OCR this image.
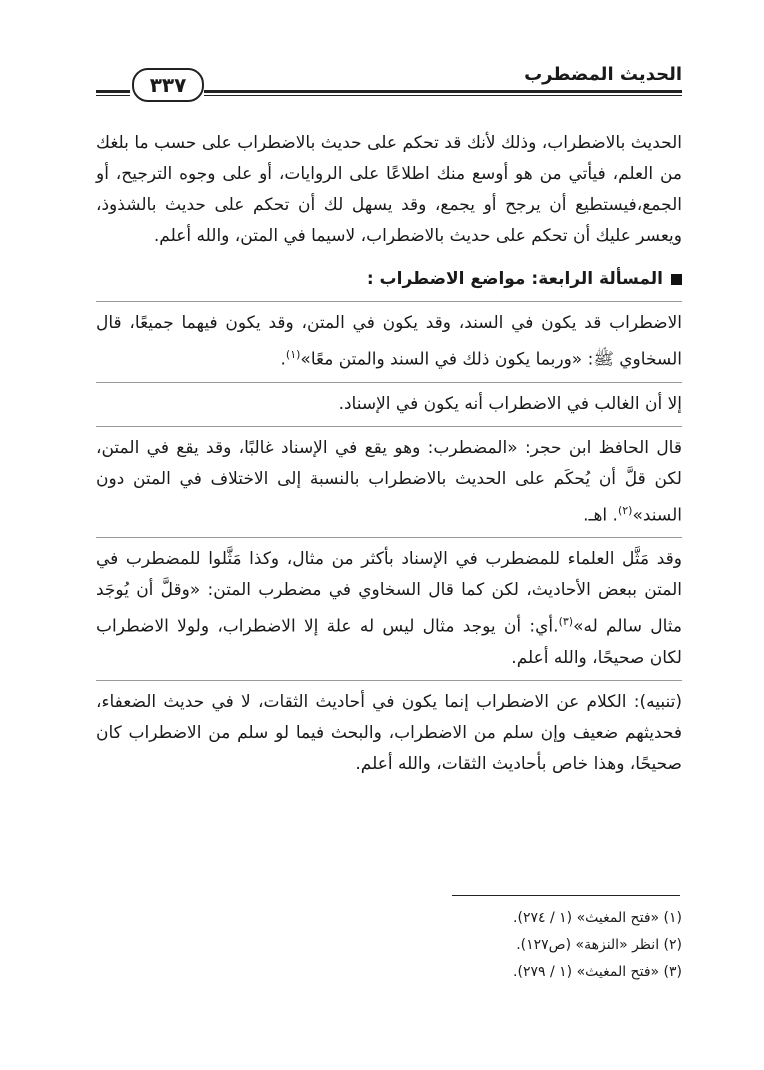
الحديث المضطرب
٣٣٧

الحديث بالاضطراب، وذلك لأنك قد تحكم على حديث بالاضطراب على حسب ما بلغك من العلم، فيأتي من هو أوسع منك اطلاعًا على الروايات، أو على وجوه الترجيح، أو الجمع،فيستطيع أن يرجح أو يجمع، وقد يسهل لك أن تحكم على حديث بالشذوذ، ويعسر عليك أن تحكم على حديث بالاضطراب، لاسيما في المتن، والله أعلم.

المسألة الرابعة: مواضع الاضطراب :

الاضطراب قد يكون في السند، وقد يكون في المتن، وقد يكون فيهما جميعًا، قال السخاوي ﷺ: «وربما يكون ذلك في السند والمتن معًا»$^{(١)}$.

إلا أن الغالب في الاضطراب أنه يكون في الإسناد.

قال الحافظ ابن حجر: «المضطرب: وهو يقع في الإسناد غالبًا، وقد يقع في المتن، لكن قلَّ أن يُحكَم على الحديث بالاضطراب بالنسبة إلى الاختلاف في المتن دون السند»$^{(٢)}$. اهـ.

وقد مَثَّل العلماء للمضطرب في الإسناد بأكثر من مثال، وكذا مَثَّلوا للمضطرب في المتن ببعض الأحاديث، لكن كما قال السخاوي في مضطرب المتن: «وقلَّ أن يُوجَد مثال سالم له»$^{(٣)}$.أي: أن يوجد مثال ليس له علة إلا الاضطراب، ولولا الاضطراب لكان صحيحًا، والله أعلم.

(تنبيه): الكلام عن الاضطراب إنما يكون في أحاديث الثقات، لا في حديث الضعفاء، فحديثهم ضعيف وإن سلم من الاضطراب، والبحث فيما لو سلم من الاضطراب كان صحيحًا، وهذا خاص بأحاديث الثقات، والله أعلم.

(١) «فتح المغيث» (١ / ٢٧٤).
(٢) انظر «النزهة» (ص١٢٧).
(٣) «فتح المغيث» (١ / ٢٧٩).
